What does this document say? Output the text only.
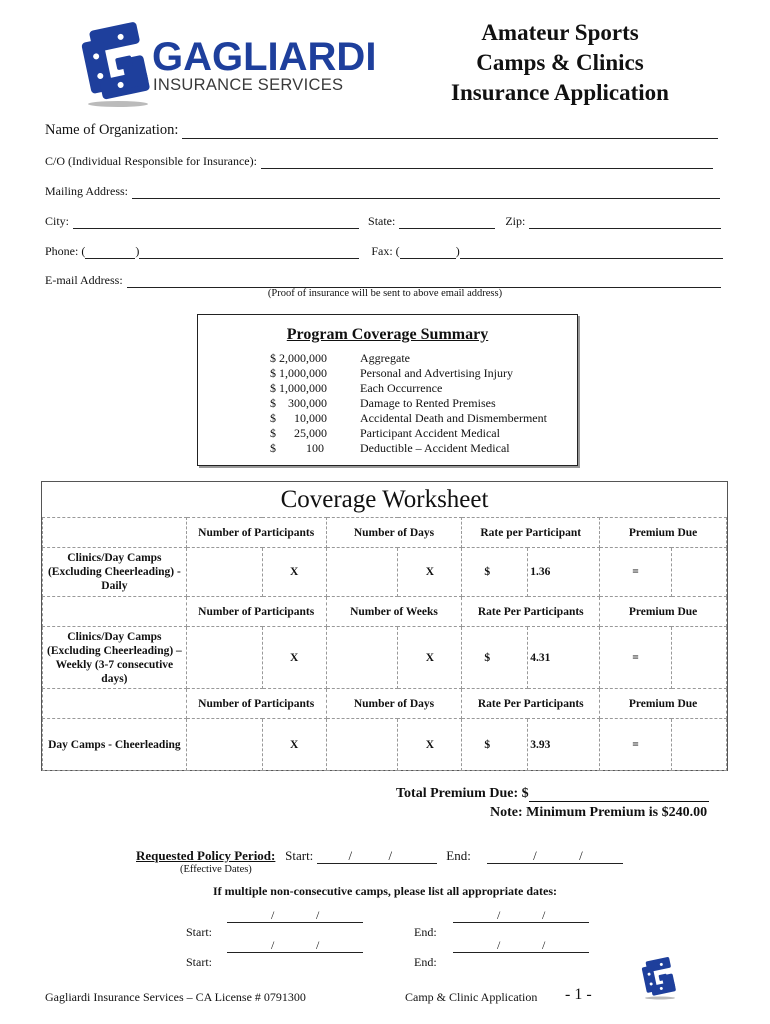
GAGLIARDI
INSURANCE SERVICES
Amateur Sports
Camps & Clinics
Insurance Application
Name of Organization:
C/O (Individual Responsible for Insurance):
Mailing Address:
City:	State:	Zip:
Phone: (	)	Fax: (	)
E-mail Address:
(Proof of insurance will be sent to above email address)
Program Coverage Summary
$ 2,000,000	Aggregate
$ 1,000,000	Personal and Advertising Injury
$ 1,000,000	Each Occurrence
$    300,000	Damage to Rented Premises
$      10,000	Accidental Death and Dismemberment
$      25,000	Participant Accident Medical
$          100	Deductible – Accident Medical
Coverage Worksheet
	Number of Participants		Number of Days		Rate per Participant		Premium Due	
Clinics/Day Camps (Excluding Cheerleading) - Daily		X		X	$	1.36	=	
	Number of Participants		Number of Weeks		Rate Per Participants		Premium Due	
Clinics/Day Camps (Excluding Cheerleading) – Weekly (3-7 consecutive days)		X		X	$	4.31	=	
	Number of Participants		Number of Days		Rate Per Participants		Premium Due	
Day Camps - Cheerleading		X		X	$	3.93	=	
Total Premium Due: $
Note: Minimum Premium is $240.00
Requested Policy Period:
Start:

	/	/

	End:

	/	/

(Effective Dates)
If multiple non-consecutive camps, please list all appropriate dates:

Start:

/	/

End:

/	/

Start:

/	/

End:

/	/
Gagliardi Insurance Services – CA License # 0791300	Camp & Clinic Application - 1 -
